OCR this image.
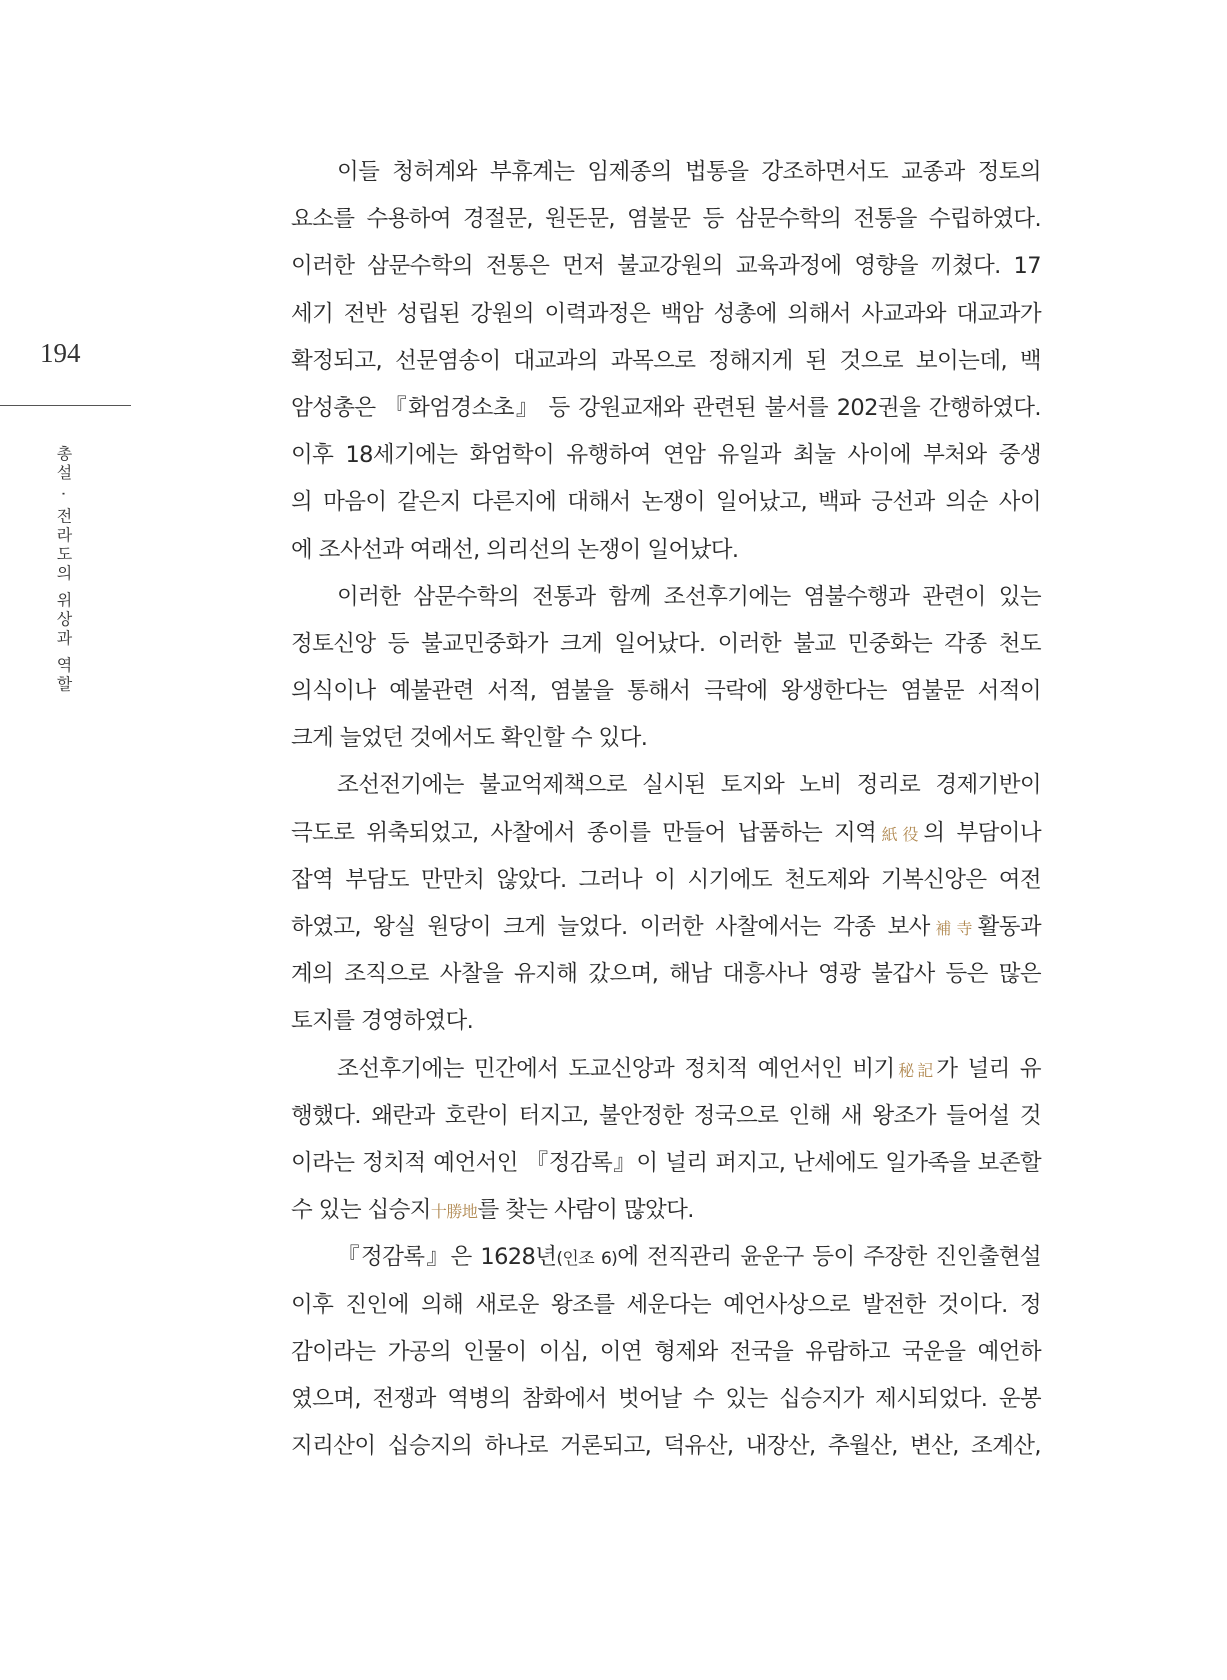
194
총설 · 전라도의 위상과 역할
이들 청허계와 부휴계는 임제종의 법통을 강조하면서도 교종과 정토의
요소를 수용하여 경절문, 원돈문, 염불문 등 삼문수학의 전통을 수립하였다.
이러한 삼문수학의 전통은 먼저 불교강원의 교육과정에 영향을 끼쳤다. 17
세기 전반 성립된 강원의 이력과정은 백암 성총에 의해서 사교과와 대교과가
확정되고, 선문염송이 대교과의 과목으로 정해지게 된 것으로 보이는데, 백
암성총은 『화엄경소초』 등 강원교재와 관련된 불서를 202권을 간행하였다.
이후 18세기에는 화엄학이 유행하여 연암 유일과 최눌 사이에 부처와 중생
의 마음이 같은지 다른지에 대해서 논쟁이 일어났고, 백파 긍선과 의순 사이
에 조사선과 여래선, 의리선의 논쟁이 일어났다.
이러한 삼문수학의 전통과 함께 조선후기에는 염불수행과 관련이 있는
정토신앙 등 불교민중화가 크게 일어났다. 이러한 불교 민중화는 각종 천도
의식이나 예불관련 서적, 염불을 통해서 극락에 왕생한다는 염불문 서적이
크게 늘었던 것에서도 확인할 수 있다.
조선전기에는 불교억제책으로 실시된 토지와 노비 정리로 경제기반이
극도로 위축되었고, 사찰에서 종이를 만들어 납품하는 지역紙役의 부담이나
잡역 부담도 만만치 않았다. 그러나 이 시기에도 천도제와 기복신앙은 여전
하였고, 왕실 원당이 크게 늘었다. 이러한 사찰에서는 각종 보사補寺활동과
계의 조직으로 사찰을 유지해 갔으며, 해남 대흥사나 영광 불갑사 등은 많은
토지를 경영하였다.
조선후기에는 민간에서 도교신앙과 정치적 예언서인 비기秘記가 널리 유
행했다. 왜란과 호란이 터지고, 불안정한 정국으로 인해 새 왕조가 들어설 것
이라는 정치적 예언서인 『정감록』이 널리 퍼지고, 난세에도 일가족을 보존할
수 있는 십승지十勝地를 찾는 사람이 많았다.
『정감록』은 1628년(인조 6)에 전직관리 윤운구 등이 주장한 진인출현설
이후 진인에 의해 새로운 왕조를 세운다는 예언사상으로 발전한 것이다. 정
감이라는 가공의 인물이 이심, 이연 형제와 전국을 유람하고 국운을 예언하
였으며, 전쟁과 역병의 참화에서 벗어날 수 있는 십승지가 제시되었다. 운봉
지리산이 십승지의 하나로 거론되고, 덕유산, 내장산, 추월산, 변산, 조계산,
